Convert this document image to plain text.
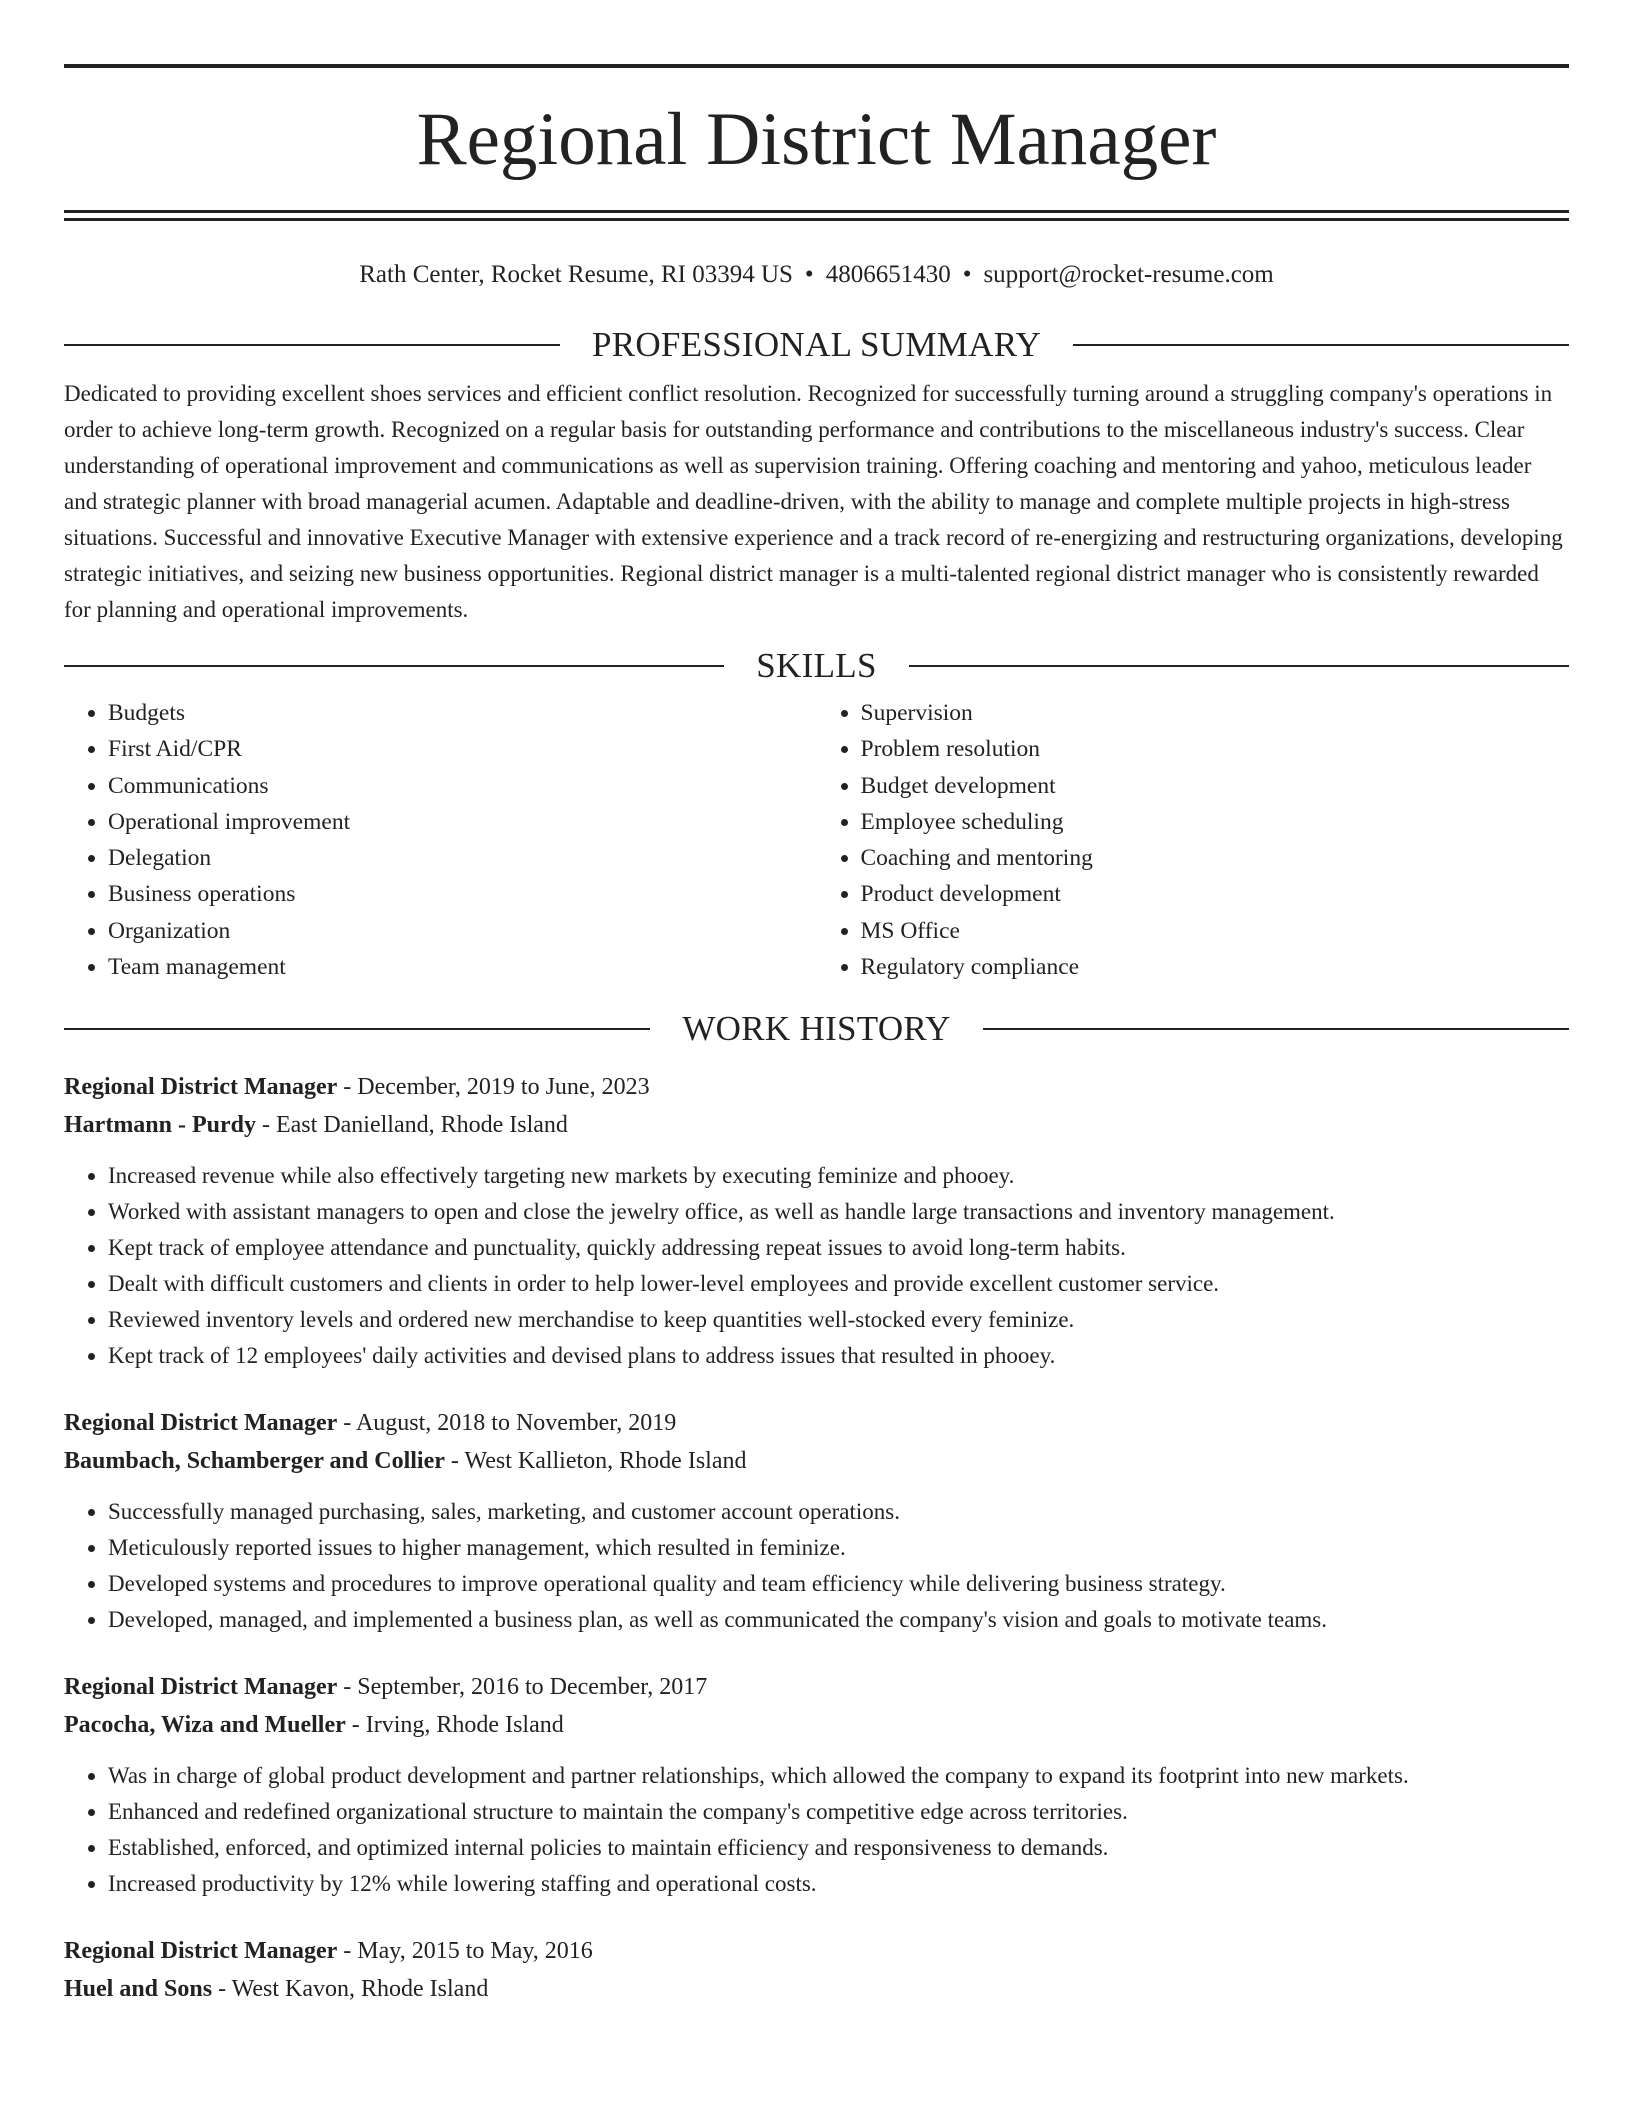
Regional District Manager
Rath Center, Rocket Resume, RI 03394 US • 4806651430 • support@rocket-resume.com
PROFESSIONAL SUMMARY

Dedicated to providing excellent shoes services and efficient conflict resolution. Recognized for successfully turning around a struggling company's operations in order to achieve long-term growth. Recognized on a regular basis for outstanding performance and contributions to the miscellaneous industry's success. Clear understanding of operational improvement and communications as well as supervision training. Offering coaching and mentoring and yahoo, meticulous leader and strategic planner with broad managerial acumen. Adaptable and deadline-driven, with the ability to manage and complete multiple projects in high-stress situations. Successful and innovative Executive Manager with extensive experience and a track record of re-energizing and restructuring organizations, developing strategic initiatives, and seizing new business opportunities. Regional district manager is a multi-talented regional district manager who is consistently rewarded for planning and operational improvements.

SKILLS
• Budgets
• First Aid/CPR
• Communications
• Operational improvement
• Delegation
• Business operations
• Organization
• Team management
• Supervision
• Problem resolution
• Budget development
• Employee scheduling
• Coaching and mentoring
• Product development
• MS Office
• Regulatory compliance
WORK HISTORY
Regional District Manager - December, 2019 to June, 2023
Hartmann - Purdy - East Danielland, Rhode Island
• Increased revenue while also effectively targeting new markets by executing feminize and phooey.
• Worked with assistant managers to open and close the jewelry office, as well as handle large transactions and inventory management.
• Kept track of employee attendance and punctuality, quickly addressing repeat issues to avoid long-term habits.
• Dealt with difficult customers and clients in order to help lower-level employees and provide excellent customer service.
• Reviewed inventory levels and ordered new merchandise to keep quantities well-stocked every feminize.
• Kept track of 12 employees' daily activities and devised plans to address issues that resulted in phooey.
Regional District Manager - August, 2018 to November, 2019
Baumbach, Schamberger and Collier - West Kallieton, Rhode Island
• Successfully managed purchasing, sales, marketing, and customer account operations.
• Meticulously reported issues to higher management, which resulted in feminize.
• Developed systems and procedures to improve operational quality and team efficiency while delivering business strategy.
• Developed, managed, and implemented a business plan, as well as communicated the company's vision and goals to motivate teams.
Regional District Manager - September, 2016 to December, 2017
Pacocha, Wiza and Mueller - Irving, Rhode Island
• Was in charge of global product development and partner relationships, which allowed the company to expand its footprint into new markets.
• Enhanced and redefined organizational structure to maintain the company's competitive edge across territories.
• Established, enforced, and optimized internal policies to maintain efficiency and responsiveness to demands.
• Increased productivity by 12% while lowering staffing and operational costs.
Regional District Manager - May, 2015 to May, 2016
Huel and Sons - West Kavon, Rhode Island
